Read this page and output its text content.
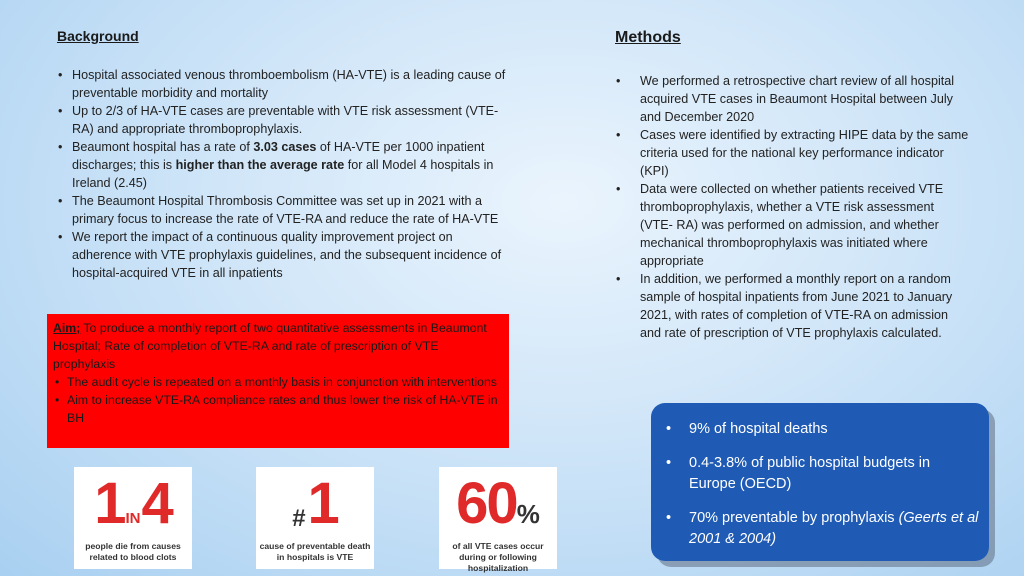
Background
• Hospital associated venous thromboembolism (HA-VTE) is a leading cause of preventable morbidity and mortality
• Up to 2/3 of HA-VTE cases are preventable with VTE risk assessment (VTE-RA) and appropriate thromboprophylaxis.
• Beaumont hospital has a rate of 3.03 cases of HA-VTE per 1000 inpatient discharges; this is higher than the average rate for all Model 4 hospitals in Ireland (2.45)
• The Beaumont Hospital Thrombosis Committee was set up in 2021 with a primary focus to increase the rate of VTE-RA and reduce the rate of HA-VTE
• We report the impact of a continuous quality improvement project on adherence with VTE prophylaxis guidelines, and the subsequent incidence of hospital-acquired VTE in all inpatients
Aim; To produce a monthly report of two quantitative assessments in Beaumont Hospital; Rate of completion of VTE-RA and rate of prescription of VTE prophylaxis
• The audit cycle is repeated on a monthly basis in conjunction with interventions
• Aim to increase VTE-RA compliance rates and thus lower the risk of HA-VTE in BH
1IN4
people die from causes related to blood clots
#1
cause of preventable death in hospitals is VTE
60%
of all VTE cases occur during or following hospitalization
Methods
• We performed a retrospective chart review of all hospital acquired VTE cases in Beaumont Hospital between July and December 2020
• Cases were identified by extracting HIPE data by the same criteria used for the national key performance indicator (KPI)
• Data were collected on whether patients received VTE thromboprophylaxis, whether a VTE risk assessment (VTE- RA) was performed on admission, and whether mechanical thromboprophylaxis was initiated where appropriate
• In addition, we performed a monthly report on a random sample of hospital inpatients from June 2021 to January 2021, with rates of completion of VTE-RA on admission and rate of prescription of VTE prophylaxis calculated.
• 9% of hospital deaths
• 0.4-3.8% of public hospital budgets in Europe (OECD)
• 70% preventable by prophylaxis (Geerts et al 2001 & 2004)
